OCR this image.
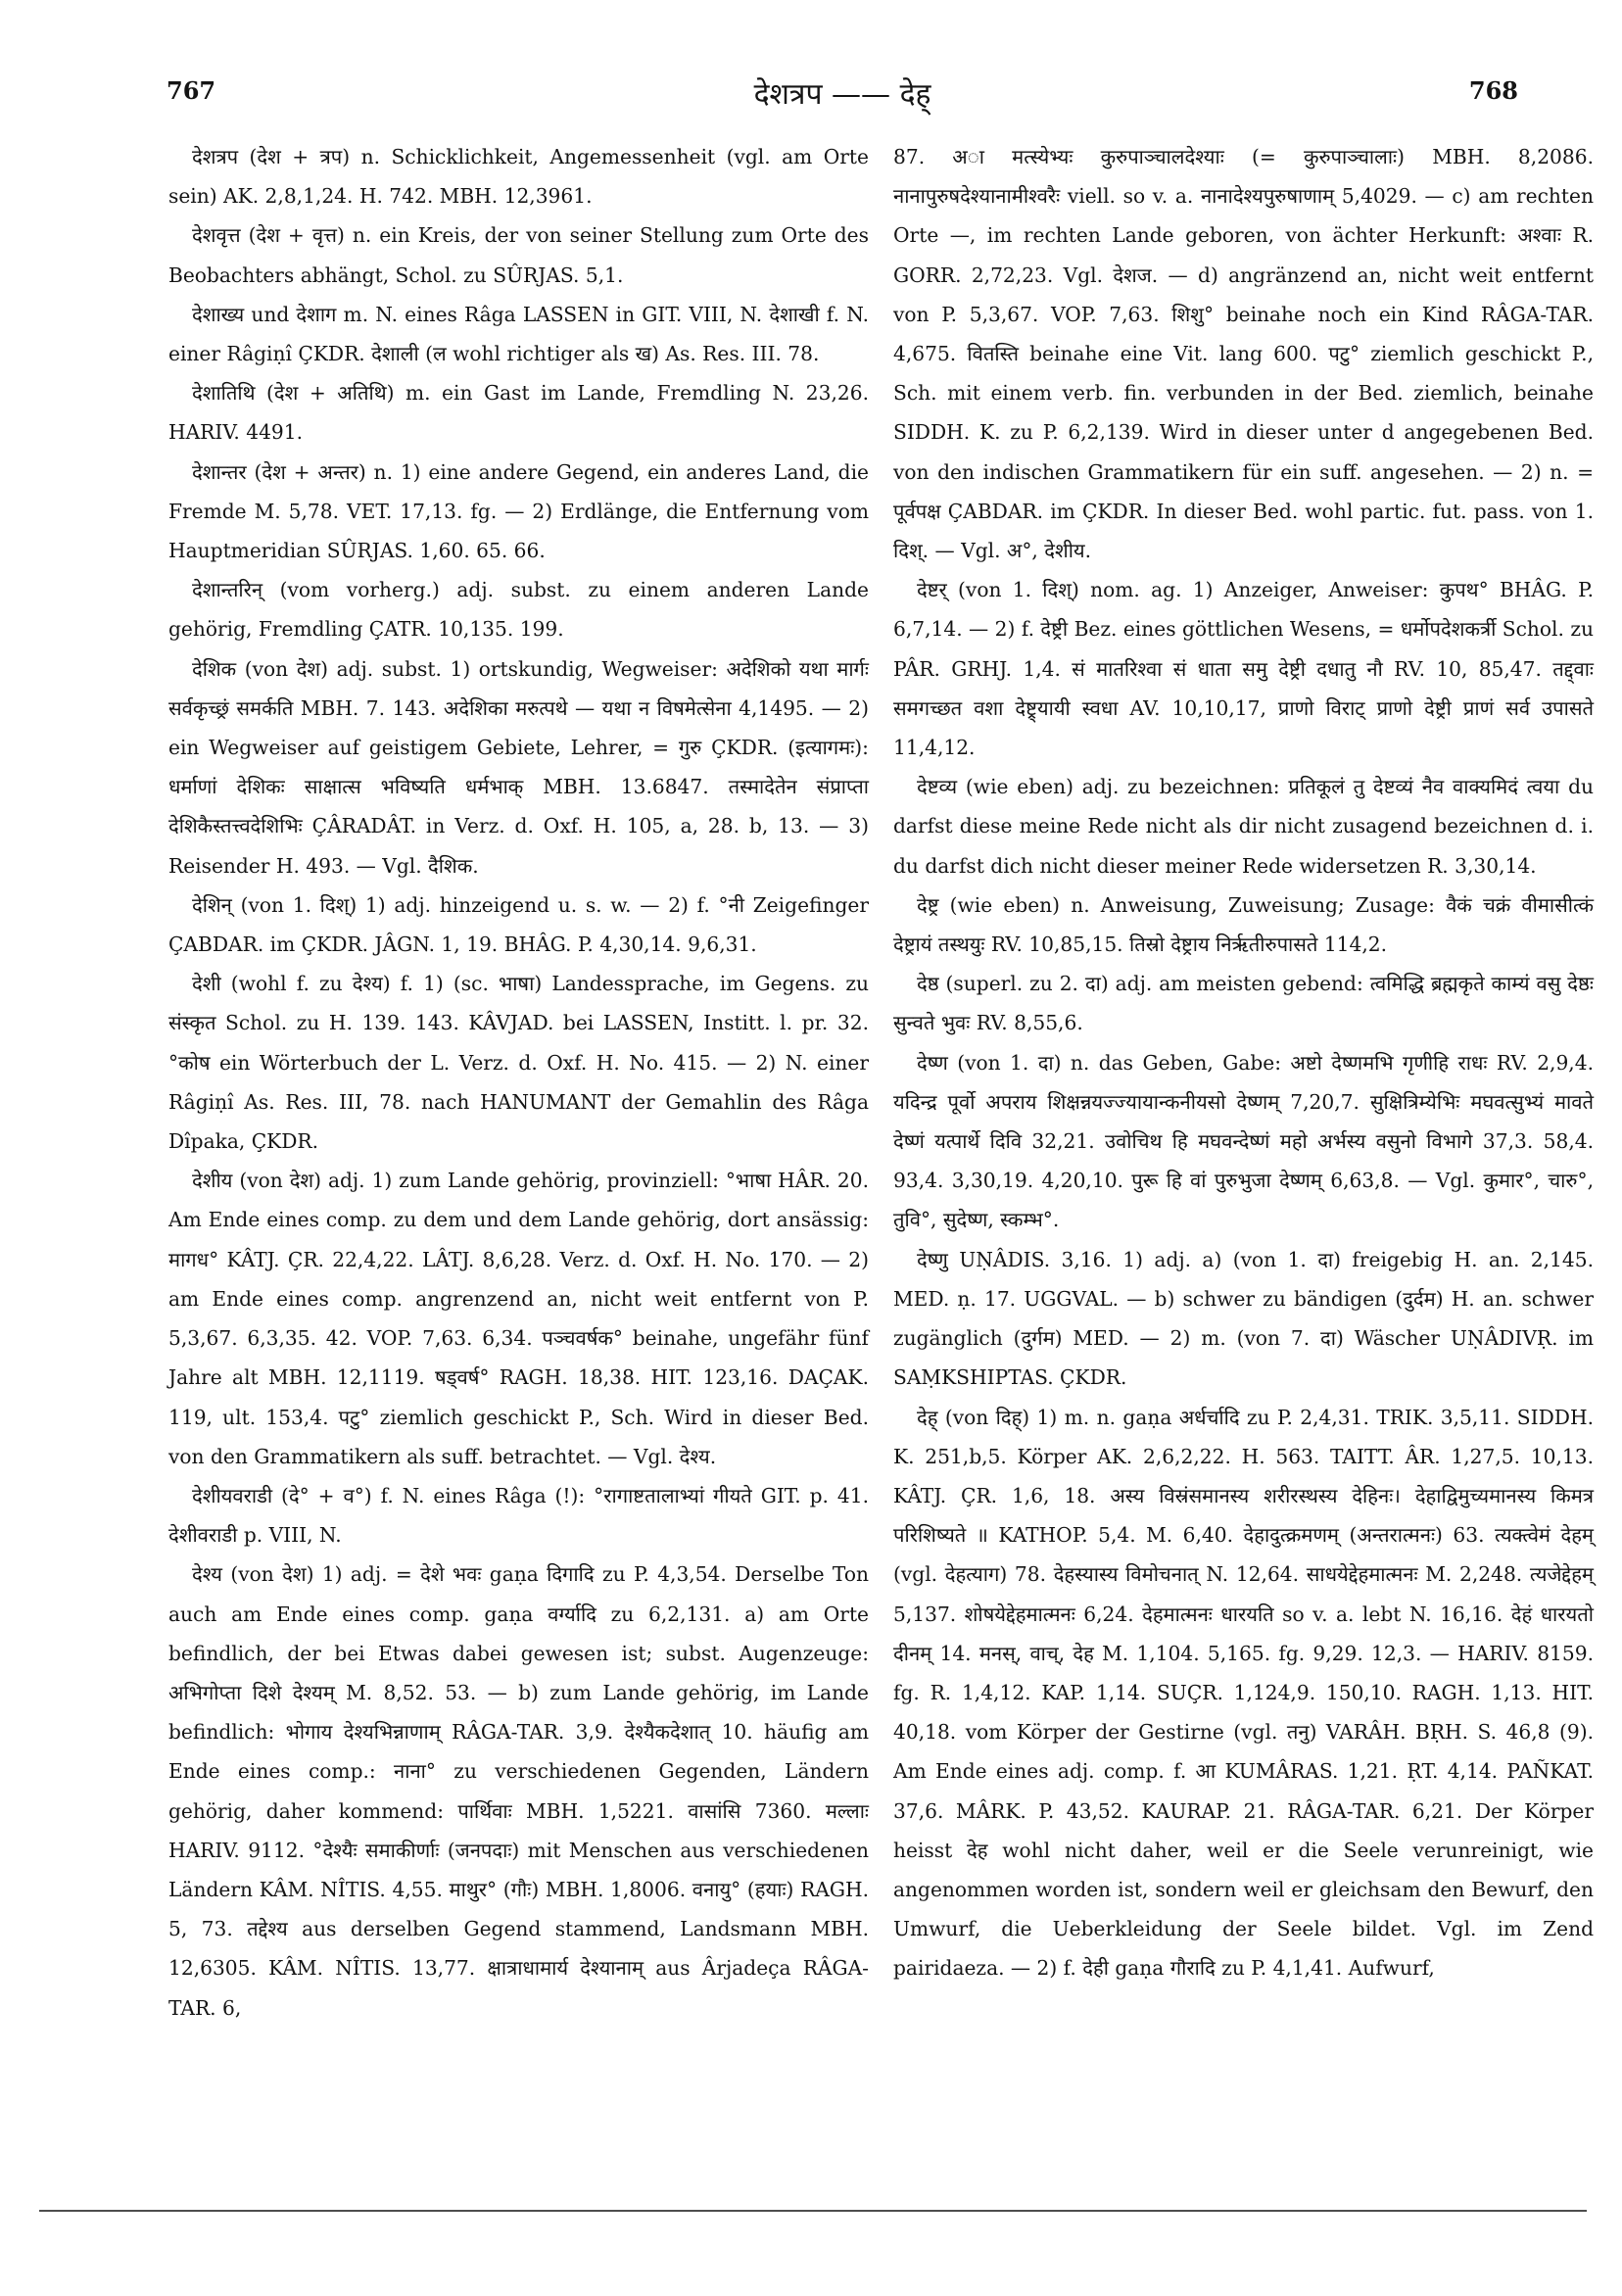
767	देशत्रप —— देह्	768

देशत्रप (देश + त्रप) n. Schicklichkeit, Angemessenheit (vgl. am Orte sein) AK. 2,8,1,24. H. 742. MBH. 12,3961.

देशवृत्त (देश + वृत्त) n. ein Kreis, der von seiner Stellung zum Orte des Beobachters abhängt, Schol. zu SÛRJAS. 5,1.

देशाख्य und देशाग m. N. eines Râga LASSEN in GIT. VIII, N. देशाखी f. N. einer Râgiṇî ÇKDR. देशाली (ल wohl richtiger als ख) As. Res. III. 78.

देशातिथि (देश + अतिथि) m. ein Gast im Lande, Fremdling N. 23,26. HARIV. 4491.

देशान्तर (देश + अन्तर) n. 1) eine andere Gegend, ein anderes Land, die Fremde M. 5,78. VET. 17,13. fg. — 2) Erdlänge, die Entfernung vom Hauptmeridian SÛRJAS. 1,60. 65. 66.

देशान्तरिन् (vom vorherg.) adj. subst. zu einem anderen Lande gehörig, Fremdling ÇATR. 10,135. 199.

देशिक (von देश) adj. subst. 1) ortskundig, Wegweiser: अदेशिको यथा मार्गः सर्वकृच्छ्रं समर्कति MBH. 7. 143. अदेशिका मरुत्पथे — यथा न विषमेत्सेना 4,1495. — 2) ein Wegweiser auf geistigem Gebiete, Lehrer, = गुरु ÇKDR. (इत्यागमः): धर्माणां देशिकः साक्षात्स भविष्यति धर्मभाक् MBH. 13.6847. तस्मादेतेन संप्राप्ता देशिकैस्तत्त्वदेशिभिः ÇÂRADÂT. in Verz. d. Oxf. H. 105, a, 28. b, 13. — 3) Reisender H. 493. — Vgl. दैशिक.

देशिन् (von 1. दिश्) 1) adj. hinzeigend u. s. w. — 2) f. °नी Zeigefinger ÇABDAR. im ÇKDR. JÂGN. 1, 19. BHÂG. P. 4,30,14. 9,6,31.

देशी (wohl f. zu देश्य) f. 1) (sc. भाषा) Landessprache, im Gegens. zu संस्कृत Schol. zu H. 139. 143. KÂVJAD. bei LASSEN, Institt. l. pr. 32. °कोष ein Wörterbuch der L. Verz. d. Oxf. H. No. 415. — 2) N. einer Râgiṇî As. Res. III, 78. nach HANUMANT der Gemahlin des Râga Dîpaka, ÇKDR.

देशीय (von देश) adj. 1) zum Lande gehörig, provinziell: °भाषा HÂR. 20. Am Ende eines comp. zu dem und dem Lande gehörig, dort ansässig: मागध° KÂTJ. ÇR. 22,4,22. LÂTJ. 8,6,28. Verz. d. Oxf. H. No. 170. — 2) am Ende eines comp. angrenzend an, nicht weit entfernt von P. 5,3,67. 6,3,35. 42. VOP. 7,63. 6,34. पञ्चवर्षक° beinahe, ungefähr fünf Jahre alt MBH. 12,1119. षड्वर्ष° RAGH. 18,38. HIT. 123,16. DAÇAK. 119, ult. 153,4. पटु° ziemlich geschickt P., Sch. Wird in dieser Bed. von den Grammatikern als suff. betrachtet. — Vgl. देश्य.

देशीयवराडी (दे° + व°) f. N. eines Râga (!): °रागाष्टतालाभ्यां गीयते GIT. p. 41. देशीवराडी p. VIII, N.

देश्य (von देश) 1) adj. = देशे भवः gaṇa दिगादि zu P. 4,3,54. Derselbe Ton auch am Ende eines comp. gaṇa वर्ग्यादि zu 6,2,131. a) am Orte befindlich, der bei Etwas dabei gewesen ist; subst. Augenzeuge: अभिगोप्ता दिशे देश्यम् M. 8,52. 53. — b) zum Lande gehörig, im Lande befindlich: भोगाय देश्यभिन्नाणाम् RÂGA-TAR. 3,9. देश्यैकदेशात् 10. häufig am Ende eines comp.: नाना° zu verschiedenen Gegenden, Ländern gehörig, daher kommend: पार्थिवाः MBH. 1,5221. वासांसि 7360. मल्लाः HARIV. 9112. °देश्यैः समाकीर्णाः (जनपदाः) mit Menschen aus verschiedenen Ländern KÂM. NÎTIS. 4,55. माथुर° (गौः) MBH. 1,8006. वनायु° (हयाः) RAGH. 5, 73. तद्देश्य aus derselben Gegend stammend, Landsmann MBH. 12,6305. KÂM. NÎTIS. 13,77. क्षात्राधामार्य देश्यानाम् aus Ârjadeça RÂGA-TAR. 6,

87. अा मत्स्येभ्यः कुरुपाञ्चालदेश्याः (= कुरुपाञ्चालाः) MBH. 8,2086. नानापुरुषदेश्यानामीश्वरैः viell. so v. a. नानादेश्यपुरुषाणाम् 5,4029. — c) am rechten Orte —, im rechten Lande geboren, von ächter Herkunft: अश्वाः R. GORR. 2,72,23. Vgl. देशज. — d) angränzend an, nicht weit entfernt von P. 5,3,67. VOP. 7,63. शिशु° beinahe noch ein Kind RÂGA-TAR. 4,675. वितस्ति beinahe eine Vit. lang 600. पटु° ziemlich geschickt P., Sch. mit einem verb. fin. verbunden in der Bed. ziemlich, beinahe SIDDH. K. zu P. 6,2,139. Wird in dieser unter d angegebenen Bed. von den indischen Grammatikern für ein suff. angesehen. — 2) n. = पूर्वपक्ष ÇABDAR. im ÇKDR. In dieser Bed. wohl partic. fut. pass. von 1. दिश्. — Vgl. अ°, देशीय.

देष्टर् (von 1. दिश्) nom. ag. 1) Anzeiger, Anweiser: कुपथ° BHÂG. P. 6,7,14. — 2) f. देष्ट्री Bez. eines göttlichen Wesens, = धर्मोपदेशकर्त्री Schol. zu PÂR. GRHJ. 1,4. सं मातरिश्वा सं धाता समु देष्ट्री दधातु नौ RV. 10, 85,47. तद्द्वाः समगच्छत वशा देष्ट्र्यायी स्वधा AV. 10,10,17, प्राणो विराट् प्राणो देष्ट्री प्राणं सर्व उपासते 11,4,12.

देष्टव्य (wie eben) adj. zu bezeichnen: प्रतिकूलं तु देष्टव्यं नैव वाक्यमिदं त्वया du darfst diese meine Rede nicht als dir nicht zusagend bezeichnen d. i. du darfst dich nicht dieser meiner Rede widersetzen R. 3,30,14.

देष्ट्र (wie eben) n. Anweisung, Zuweisung; Zusage: वैकं चक्रं वीमासीत्कं देष्ट्रायं तस्थयुः RV. 10,85,15. तिस्रो देष्ट्राय निर्ऋतीरुपासते 114,2.

देष्ठ (superl. zu 2. दा) adj. am meisten gebend: त्वमिद्धि ब्रह्मकृते काम्यं वसु देष्ठः सुन्वते भुवः RV. 8,55,6.

देष्ण (von 1. दा) n. das Geben, Gabe: अष्टो देष्णमभि गृणीहि राधः RV. 2,9,4. यदिन्द्र पूर्वो अपराय शिक्षन्नयज्ज्यायान्कनीयसो देष्णम् 7,20,7. सुक्षित्रिम्येभिः मघवत्सुभ्यं मावते देष्णं यत्पार्थे दिवि 32,21. उवोचिथ हि मघवन्देष्णं महो अर्भस्य वसुनो विभागे 37,3. 58,4. 93,4. 3,30,19. 4,20,10. पुरू हि वां पुरुभुजा देष्णम् 6,63,8. — Vgl. कुमार°, चारु°, तुवि°, सुदेष्ण, स्कम्भ°.

देष्णु UṆÂDIS. 3,16. 1) adj. a) (von 1. दा) freigebig H. an. 2,145. MED. ṇ. 17. UGGVAL. — b) schwer zu bändigen (दुर्दम) H. an. schwer zugänglich (दुर्गम) MED. — 2) m. (von 7. दा) Wäscher UṆÂDIVṚ. im SAṂKSHIPTAS. ÇKDR.

देह् (von दिह्) 1) m. n. gaṇa अर्धर्चादि zu P. 2,4,31. TRIK. 3,5,11. SIDDH. K. 251,b,5. Körper AK. 2,6,2,22. H. 563. TAITT. ÂR. 1,27,5. 10,13. KÂTJ. ÇR. 1,6, 18. अस्य विस्रंसमानस्य शरीरस्थस्य देहिनः। देहाद्विमुच्यमानस्य किमत्र परिशिष्यते ॥ KATHOP. 5,4. M. 6,40. देहादुत्क्रमणम् (अन्तरात्मनः) 63. त्यक्त्वेमं देहम् (vgl. देहत्याग) 78. देहस्यास्य विमोचनात् N. 12,64. साधयेद्देहमात्मनः M. 2,248. त्यजेद्देहम् 5,137. शोषयेद्देहमात्मनः 6,24. देहमात्मनः धारयति so v. a. lebt N. 16,16. देहं धारयतो दीनम् 14. मनस्, वाच्, देह M. 1,104. 5,165. fg. 9,29. 12,3. — HARIV. 8159. fg. R. 1,4,12. KAP. 1,14. SUÇR. 1,124,9. 150,10. RAGH. 1,13. HIT. 40,18. vom Körper der Gestirne (vgl. तनु) VARÂH. BṚH. S. 46,8 (9). Am Ende eines adj. comp. f. आ KUMÂRAS. 1,21. ṚT. 4,14. PAÑKAT. 37,6. MÂRK. P. 43,52. KAURAP. 21. RÂGA-TAR. 6,21. Der Körper heisst देह wohl nicht daher, weil er die Seele verunreinigt, wie angenommen worden ist, sondern weil er gleichsam den Bewurf, den Umwurf, die Ueberkleidung der Seele bildet. Vgl. im Zend pairidaeza. — 2) f. देही gaṇa गौरादि zu P. 4,1,41. Aufwurf,
